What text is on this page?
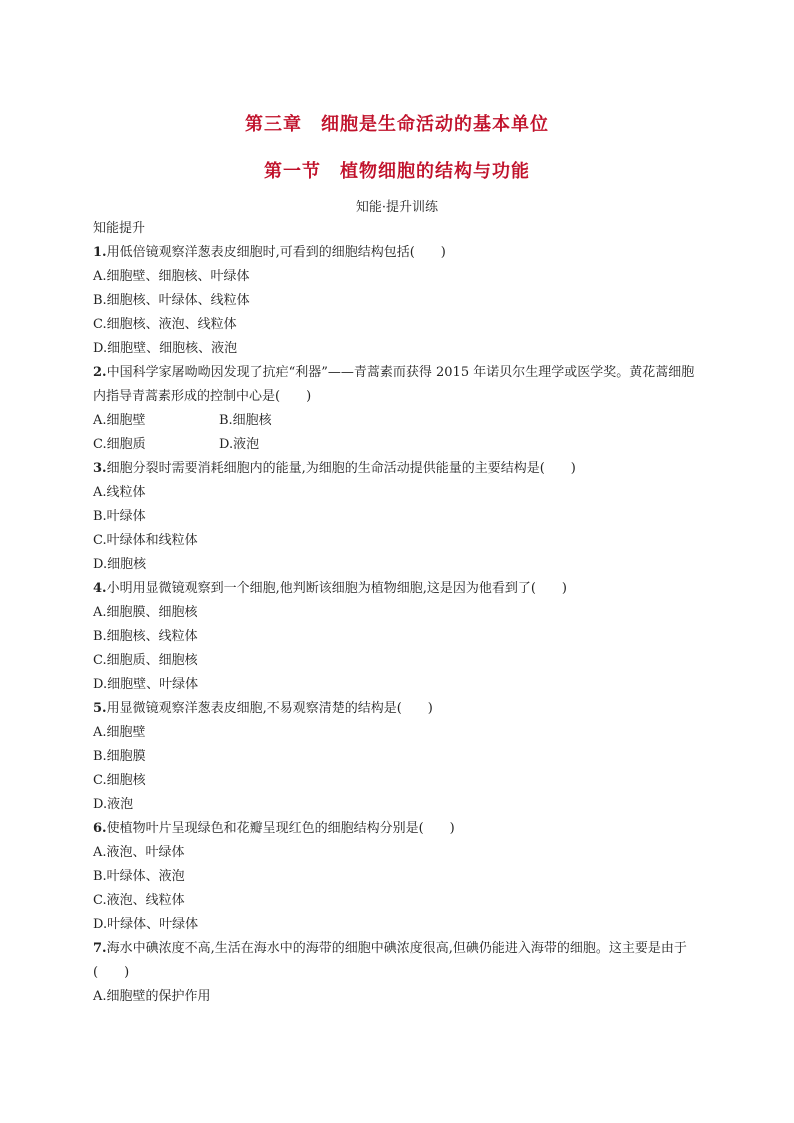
第三章　细胞是生命活动的基本单位
第一节　植物细胞的结构与功能
知能·提升训练
知能提升
1.用低倍镜观察洋葱表皮细胞时,可看到的细胞结构包括(　　)
A.细胞壁、细胞核、叶绿体
B.细胞核、叶绿体、线粒体
C.细胞核、液泡、线粒体
D.细胞壁、细胞核、液泡
2.中国科学家屠呦呦因发现了抗疟“利器”——青蒿素而获得 2015 年诺贝尔生理学或医学奖。黄花蒿细胞内指导青蒿素形成的控制中心是(　　)
A.细胞壁	B.细胞核
C.细胞质	D.液泡
3.细胞分裂时需要消耗细胞内的能量,为细胞的生命活动提供能量的主要结构是(　　)
A.线粒体
B.叶绿体
C.叶绿体和线粒体
D.细胞核
4.小明用显微镜观察到一个细胞,他判断该细胞为植物细胞,这是因为他看到了(　　)
A.细胞膜、细胞核
B.细胞核、线粒体
C.细胞质、细胞核
D.细胞壁、叶绿体
5.用显微镜观察洋葱表皮细胞,不易观察清楚的结构是(　　)
A.细胞壁
B.细胞膜
C.细胞核
D.液泡
6.使植物叶片呈现绿色和花瓣呈现红色的细胞结构分别是(　　)
A.液泡、叶绿体
B.叶绿体、液泡
C.液泡、线粒体
D.叶绿体、叶绿体
7.海水中碘浓度不高,生活在海水中的海带的细胞中碘浓度很高,但碘仍能进入海带的细胞。这主要是由于(　　)
A.细胞壁的保护作用
